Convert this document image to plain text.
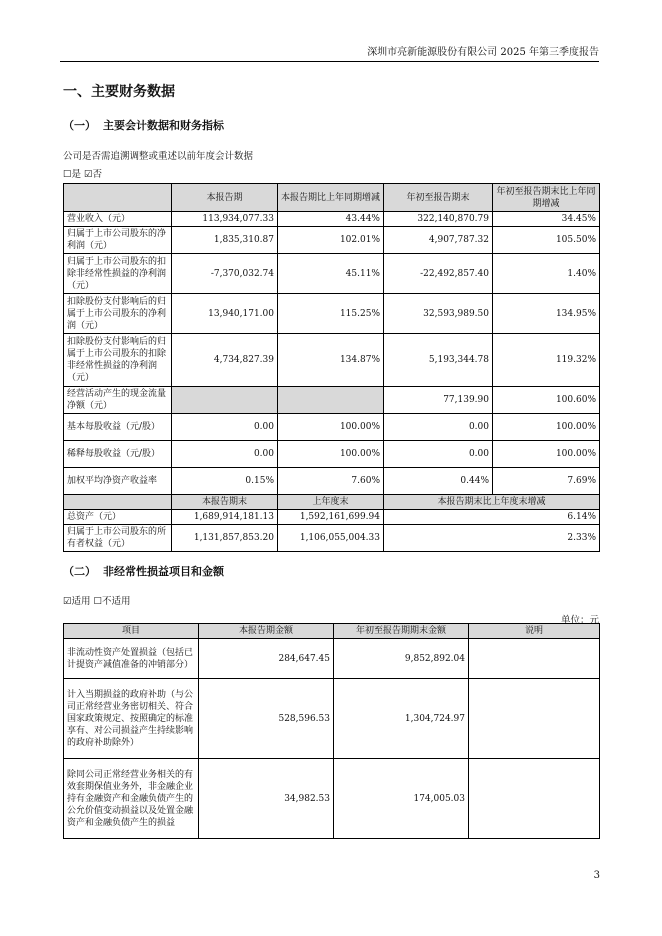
深圳市亮新能源股份有限公司 2025 年第三季度报告
一、主要财务数据
（一） 主要会计数据和财务指标
公司是否需追溯调整或重述以前年度会计数据
☐是 ☑否
	本报告期	本报告期比上年同期增减	年初至报告期末	年初至报告期末比上年同期增减
营业收入（元）	113,934,077.33	43.44%	322,140,870.79	34.45%
归属于上市公司股东的净利润（元）	1,835,310.87	102.01%	4,907,787.32	105.50%
归属于上市公司股东的扣除非经常性损益的净利润（元）	-7,370,032.74	45.11%	-22,492,857.40	1.40%
扣除股份支付影响后的归属于上市公司股东的净利润（元）	13,940,171.00	115.25%	32,593,989.50	134.95%
扣除股份支付影响后的归属于上市公司股东的扣除非经常性损益的净利润（元）	4,734,827.39	134.87%	5,193,344.78	119.32%
经营活动产生的现金流量净额（元）			77,139.90	100.60%
基本每股收益（元/股）	0.00	100.00%	0.00	100.00%
稀释每股收益（元/股）	0.00	100.00%	0.00	100.00%
加权平均净资产收益率	0.15%	7.60%	0.44%	7.69%
	本报告期末	上年度末	本报告期末比上年度末增减	
总资产（元）	1,689,914,181.13	1,592,161,699.94	6.14%	
归属于上市公司股东的所有者权益（元）	1,131,857,853.20	1,106,055,004.33	2.33%	
（二） 非经常性损益项目和金额
☑适用 ☐不适用
单位：元
项目	本报告期金额	年初至报告期期末金额	说明
非流动性资产处置损益（包括已计提资产减值准备的冲销部分）	284,647.45	9,852,892.04	
计入当期损益的政府补助（与公司正常经营业务密切相关、符合国家政策规定、按照确定的标准享有、对公司损益产生持续影响的政府补助除外）	528,596.53	1,304,724.97	
除同公司正常经营业务相关的有效套期保值业务外，非金融企业持有金融资产和金融负债产生的公允价值变动损益以及处置金融资产和金融负债产生的损益	34,982.53	174,005.03	
3
